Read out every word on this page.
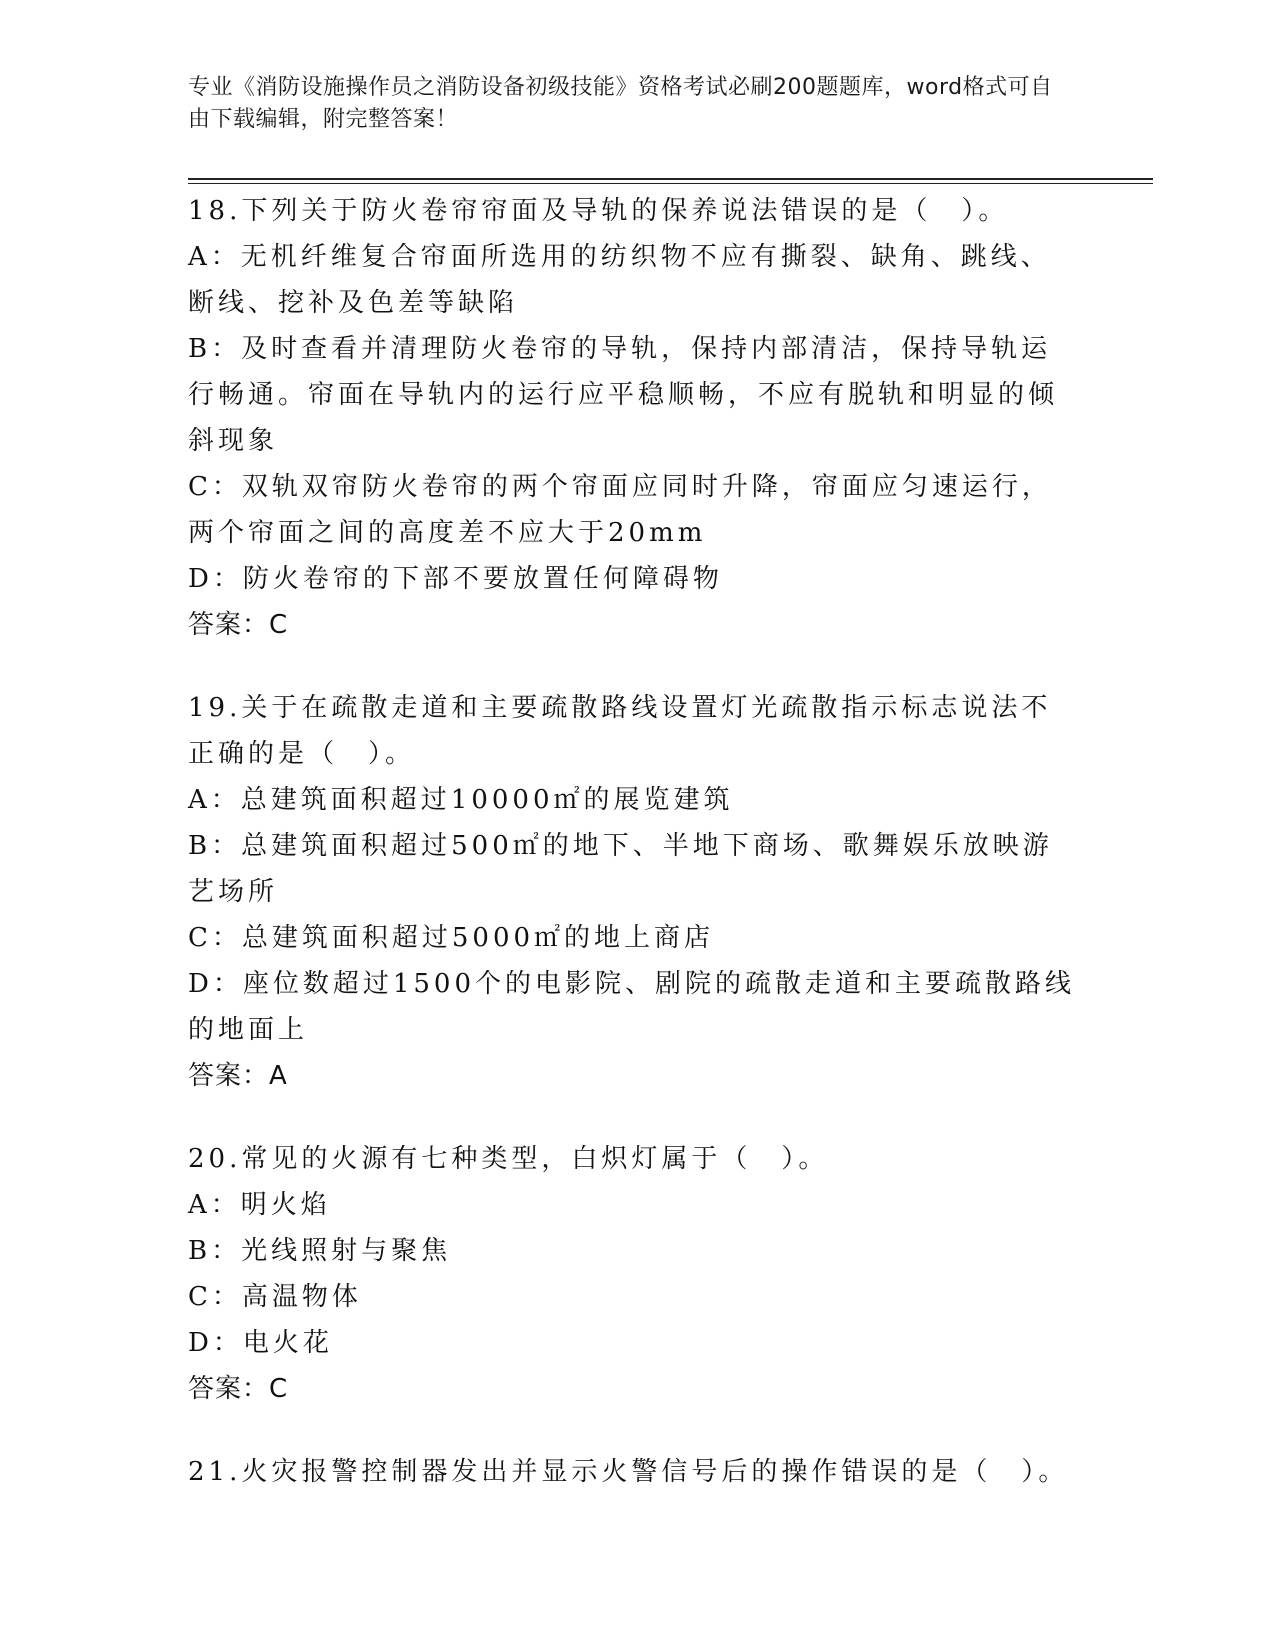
专业《消防设施操作员之消防设备初级技能》资格考试必刷200题题库，word格式可自由下载编辑，附完整答案！
18.下列关于防火卷帘帘面及导轨的保养说法错误的是（　）。
A：无机纤维复合帘面所选用的纺织物不应有撕裂、缺角、跳线、断线、挖补及色差等缺陷
B：及时查看并清理防火卷帘的导轨，保持内部清洁，保持导轨运行畅通。帘面在导轨内的运行应平稳顺畅，不应有脱轨和明显的倾斜现象
C：双轨双帘防火卷帘的两个帘面应同时升降，帘面应匀速运行，两个帘面之间的高度差不应大于20mm
D：防火卷帘的下部不要放置任何障碍物
答案：C
19.关于在疏散走道和主要疏散路线设置灯光疏散指示标志说法不正确的是（　）。
A：总建筑面积超过10000㎡的展览建筑
B：总建筑面积超过500㎡的地下、半地下商场、歌舞娱乐放映游艺场所
C：总建筑面积超过5000㎡的地上商店
D：座位数超过1500个的电影院、剧院的疏散走道和主要疏散路线的地面上
答案：A
20.常见的火源有七种类型，白炽灯属于（　）。
A：明火焰
B：光线照射与聚焦
C：高温物体
D：电火花
答案：C
21.火灾报警控制器发出并显示火警信号后的操作错误的是（　）。
